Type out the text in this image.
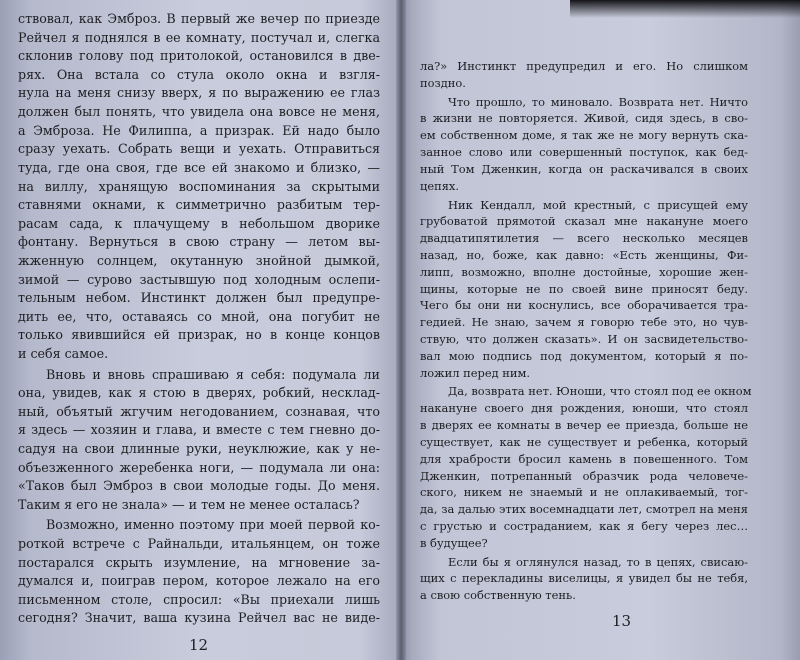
ствовал, как Эмброз. В первый же вечер по приезде
Рейчел я поднялся в ее комнату, постучал и, слегка
склонив голову под притолокой, остановился в две-
рях. Она встала со стула около окна и взгля-
нула на меня снизу вверх, я по выражению ее глаз
должен был понять, что увидела она вовсе не меня,
а Эмброза. Не Филиппа, а призрак. Ей надо было
сразу уехать. Собрать вещи и уехать. Отправиться
туда, где она своя, где все ей знакомо и близко, —
на виллу, хранящую воспоминания за скрытыми
ставнями окнами, к симметрично разбитым тер-
расам сада, к плачущему в небольшом дворике
фонтану. Вернуться в свою страну — летом вы-
жженную солнцем, окутанную знойной дымкой,
зимой — сурово застывшую под холодным ослепи-
тельным небом. Инстинкт должен был предупре-
дить ее, что, оставаясь со мной, она погубит не
только явившийся ей призрак, но в конце концов
и себя самое.
Вновь и вновь спрашиваю я себя: подумала ли
она, увидев, как я стою в дверях, робкий, несклад-
ный, объятый жгучим негодованием, сознавая, что
я здесь — хозяин и глава, и вместе с тем гневно до-
садуя на свои длинные руки, неуклюжие, как у не-
объезженного жеребенка ноги, — подумала ли она:
«Таков был Эмброз в свои молодые годы. До меня.
Таким я его не знала» — и тем не менее осталась?
Возможно, именно поэтому при моей первой ко-
роткой встрече с Райнальди, итальянцем, он тоже
постарался скрыть изумление, на мгновение за-
думался и, поиграв пером, которое лежало на его
письменном столе, спросил: «Вы приехали лишь
сегодня? Значит, ваша кузина Рейчел вас не виде-
12
ла?» Инстинкт предупредил и его. Но слишком
поздно.
Что прошло, то миновало. Возврата нет. Ничто
в жизни не повторяется. Живой, сидя здесь, в сво-
ем собственном доме, я так же не могу вернуть ска-
занное слово или совершенный поступок, как бед-
ный Том Дженкин, когда он раскачивался в своих
цепях.
Ник Кендалл, мой крестный, с присущей ему
грубоватой прямотой сказал мне накануне моего
двадцатипятилетия — всего несколько месяцев
назад, но, боже, как давно: «Есть женщины, Фи-
липп, возможно, вполне достойные, хорошие жен-
щины, которые не по своей вине приносят беду.
Чего бы они ни коснулись, все оборачивается тра-
гедией. Не знаю, зачем я говорю тебе это, но чув-
ствую, что должен сказать». И он засвидетельство-
вал мою подпись под документом, который я по-
ложил перед ним.
Да, возврата нет. Юноши, что стоял под ее окном
накануне своего дня рождения, юноши, что стоял
в дверях ее комнаты в вечер ее приезда, больше не
существует, как не существует и ребенка, который
для храбрости бросил камень в повешенного. Том
Дженкин, потрепанный образчик рода человече-
ского, никем не знаемый и не оплакиваемый, тог-
да, за далью этих восемнадцати лет, смотрел на меня
с грустью и состраданием, как я бегу через лес…
в будущее?
Если бы я оглянулся назад, то в цепях, свисаю-
щих с перекладины виселицы, я увидел бы не тебя,
а свою собственную тень.
13
